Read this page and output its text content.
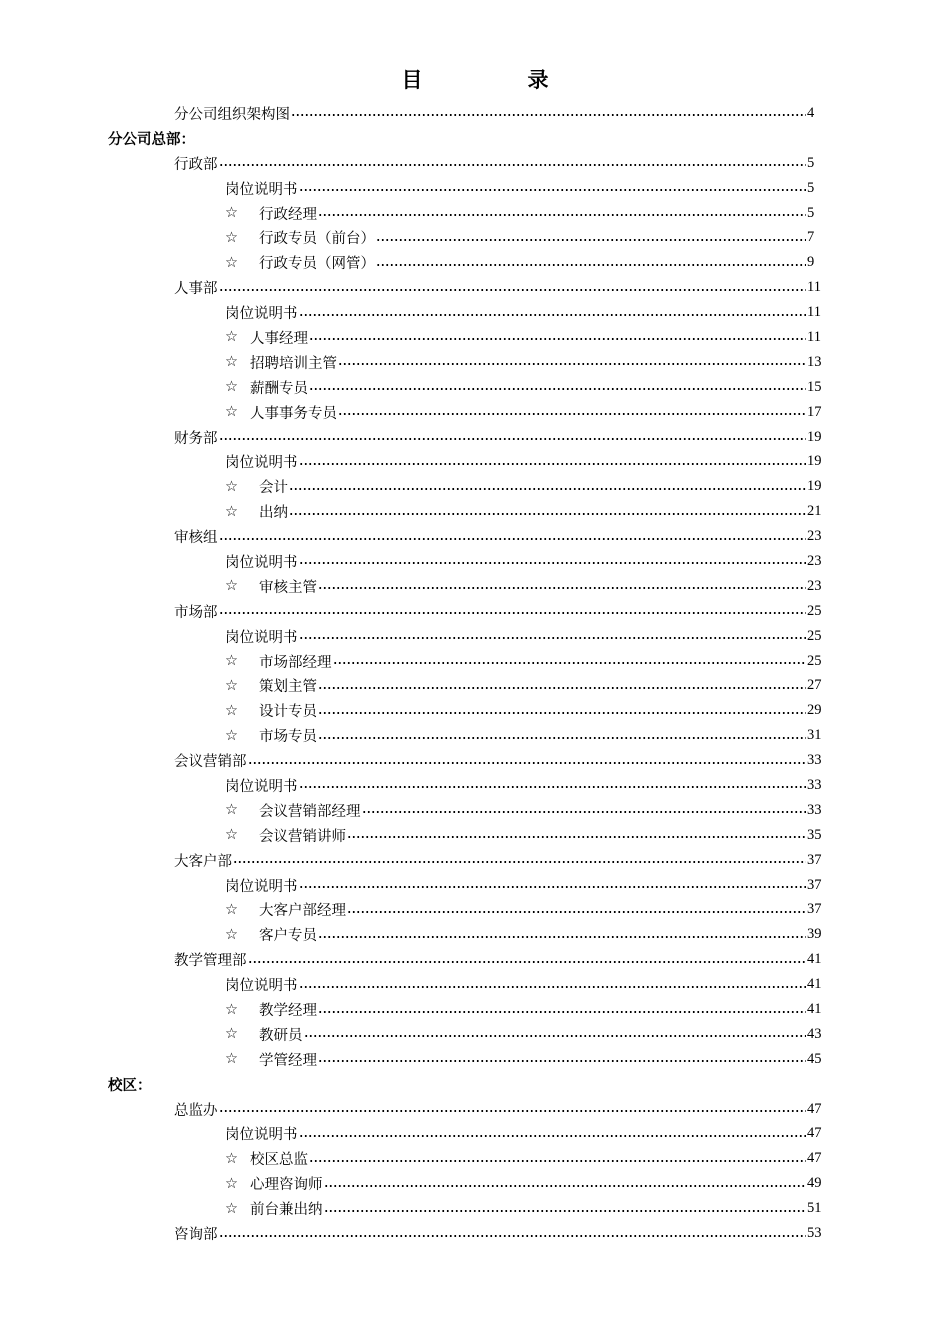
目　录
分公司组织架构图	4
分公司总部：
行政部	5
岗位说明书	5
☆	行政经理	5
☆	行政专员（前台）	7
☆	行政专员（网管）	9
人事部	11
岗位说明书	11
☆ 人事经理	11
☆ 招聘培训主管	13
☆ 薪酬专员	15
☆ 人事事务专员	17
财务部	19
岗位说明书	19
☆	会计	19
☆	出纳	21
审核组	23
岗位说明书	23
☆	审核主管	23
市场部	25
岗位说明书	25
☆	市场部经理	25
☆	策划主管	27
☆	设计专员	29
☆	市场专员	31
会议营销部	33
岗位说明书	33
☆	会议营销部经理	33
☆	会议营销讲师	35
大客户部	37
岗位说明书	37
☆	大客户部经理	37
☆	客户专员	39
教学管理部	41
岗位说明书	41
☆	教学经理	41
☆	教研员	43
☆	学管经理	45
校区：
总监办	47
岗位说明书	47
☆ 校区总监	47
☆ 心理咨询师	49
☆ 前台兼出纳	51
咨询部	53
